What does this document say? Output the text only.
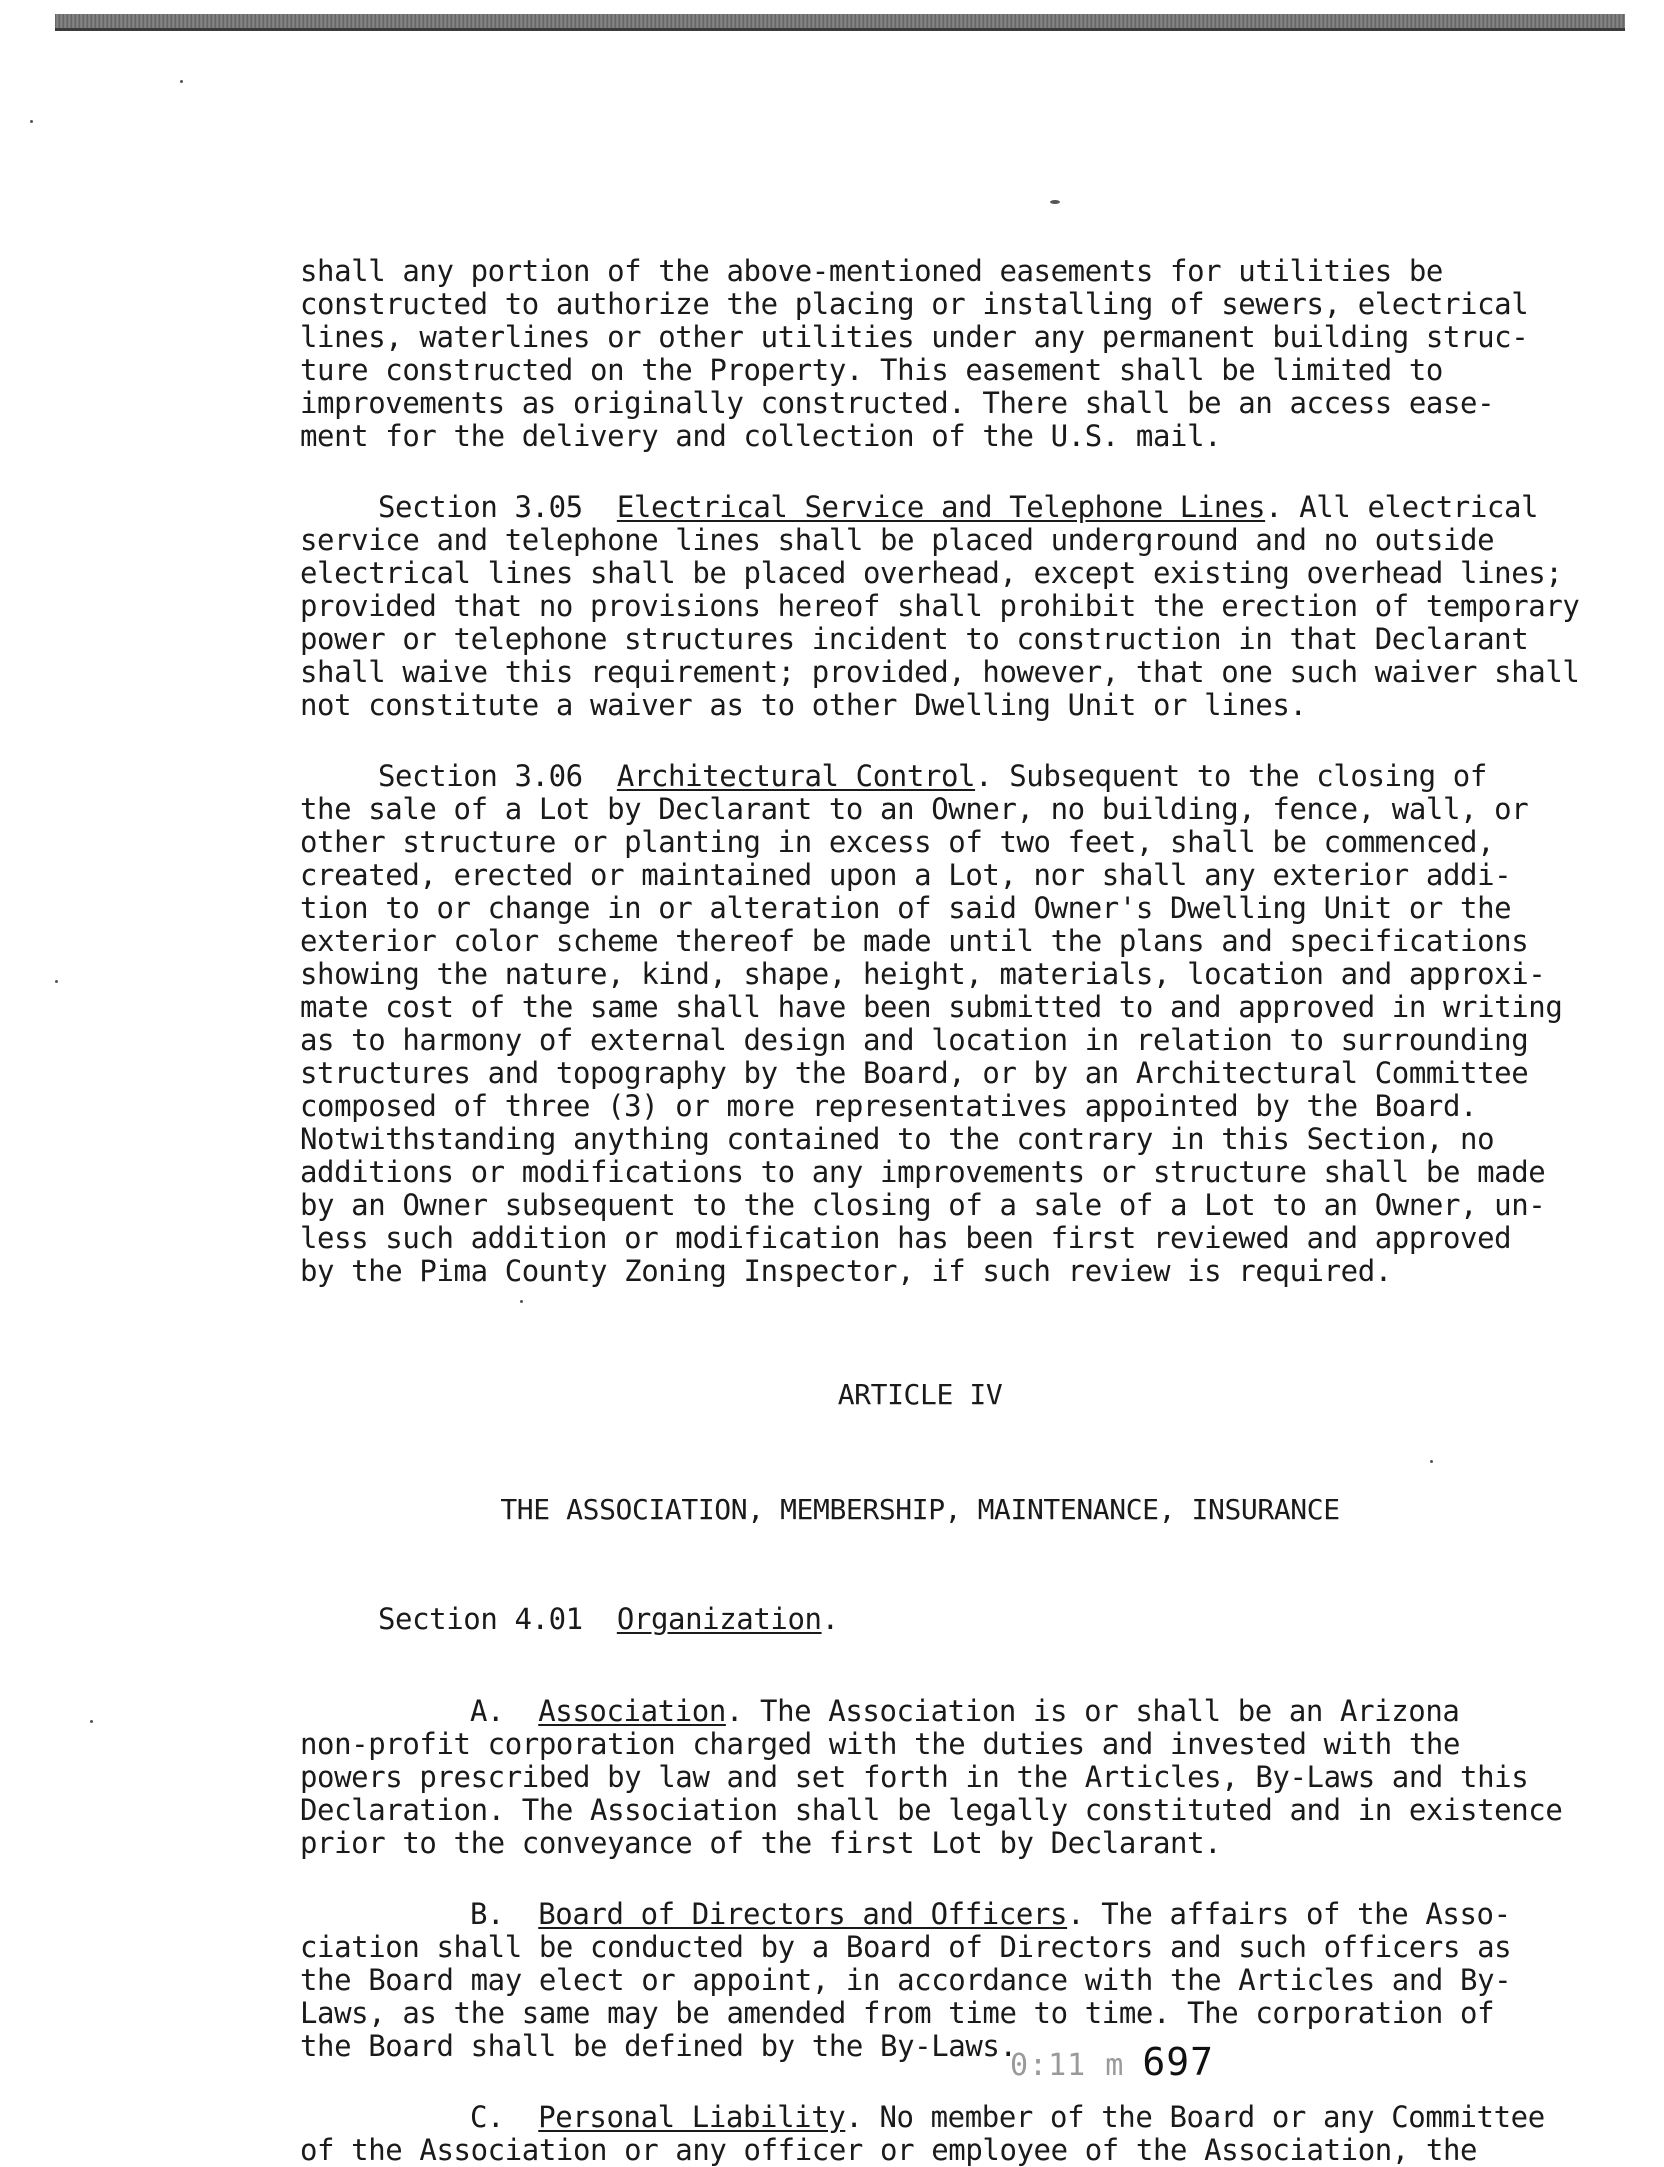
shall any portion of the above-mentioned easements for utilities be

constructed to authorize the placing or installing of sewers, electrical

lines, waterlines or other utilities under any permanent building struc-

ture constructed on the Property. This easement shall be limited to

improvements as originally constructed. There shall be an access ease-

ment for the delivery and collection of the U.S. mail.

Section 3.05 Electrical Service and Telephone Lines. All electrical

service and telephone lines shall be placed underground and no outside

electrical lines shall be placed overhead, except existing overhead lines;

provided that no provisions hereof shall prohibit the erection of temporary

power or telephone structures incident to construction in that Declarant

shall waive this requirement; provided, however, that one such waiver shall

not constitute a waiver as to other Dwelling Unit or lines.

Section 3.06 Architectural Control. Subsequent to the closing of

the sale of a Lot by Declarant to an Owner, no building, fence, wall, or

other structure or planting in excess of two feet, shall be commenced,

created, erected or maintained upon a Lot, nor shall any exterior addi-

tion to or change in or alteration of said Owner's Dwelling Unit or the

exterior color scheme thereof be made until the plans and specifications

showing the nature, kind, shape, height, materials, location and approxi-

mate cost of the same shall have been submitted to and approved in writing

as to harmony of external design and location in relation to surrounding

structures and topography by the Board, or by an Architectural Committee

composed of three (3) or more representatives appointed by the Board.

Notwithstanding anything contained to the contrary in this Section, no

additions or modifications to any improvements or structure shall be made

by an Owner subsequent to the closing of a sale of a Lot to an Owner, un-

less such addition or modification has been first reviewed and approved

by the Pima County Zoning Inspector, if such review is required.

ARTICLE IV

THE ASSOCIATION, MEMBERSHIP, MAINTENANCE, INSURANCE

Section 4.01 Organization.

A. Association. The Association is or shall be an Arizona

non-profit corporation charged with the duties and invested with the

powers prescribed by law and set forth in the Articles, By-Laws and this

Declaration. The Association shall be legally constituted and in existence

prior to the conveyance of the first Lot by Declarant.

B. Board of Directors and Officers. The affairs of the Asso-

ciation shall be conducted by a Board of Directors and such officers as

the Board may elect or appoint, in accordance with the Articles and By-

Laws, as the same may be amended from time to time. The corporation of

the Board shall be defined by the By-Laws.

C. Personal Liability. No member of the Board or any Committee

of the Association or any officer or employee of the Association, the

0:11 m 697
